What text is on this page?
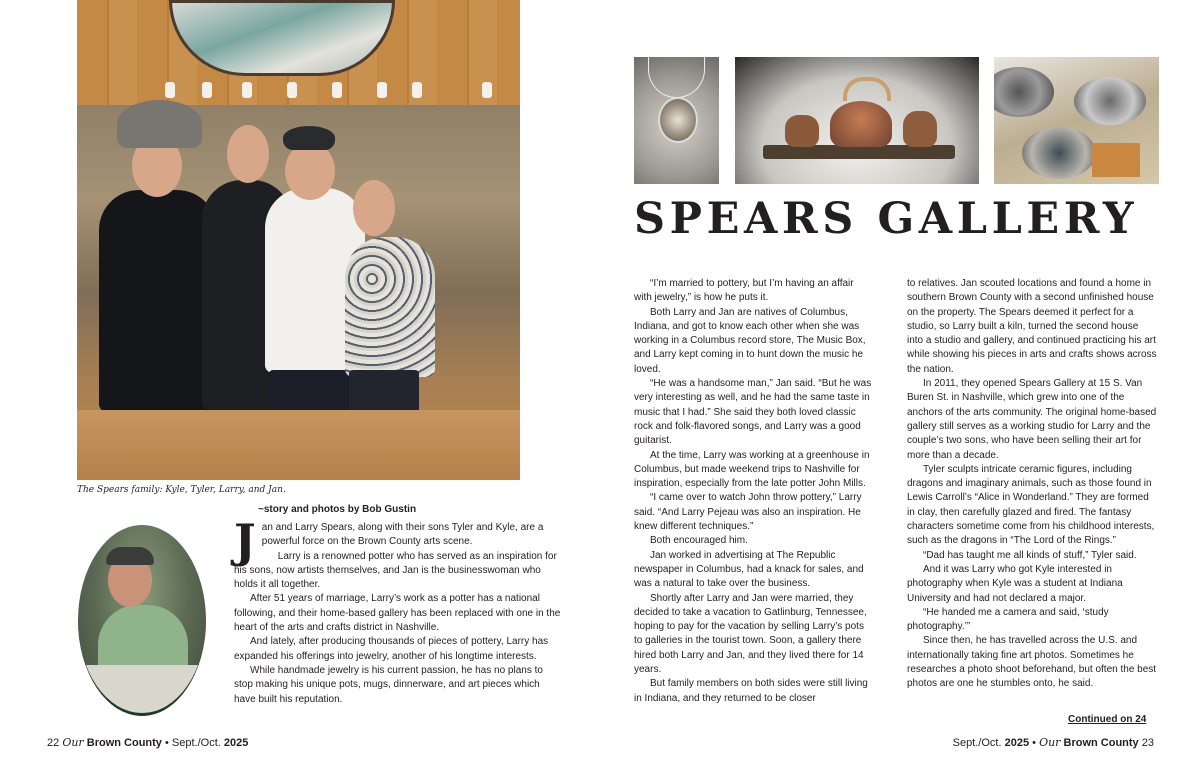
The Spears family: Kyle, Tyler, Larry, and Jan.
SPEARS GALLERY
~story and photos by Bob Gustin

Jan and Larry Spears, along with their sons Tyler and Kyle, are a powerful force on the Brown County arts scene.

Larry is a renowned potter who has served as an inspiration for his sons, now artists themselves, and Jan is the businesswoman who holds it all together.

After 51 years of marriage, Larry’s work as a potter has a national following, and their home-based gallery has been replaced with one in the heart of the arts and crafts district in Nashville.

And lately, after producing thousands of pieces of pottery, Larry has expanded his offerings into jewelry, another of his longtime interests.

While handmade jewelry is his current passion, he has no plans to stop making his unique pots, mugs, dinnerware, and art pieces which have built his reputation.

“I’m married to pottery, but I’m having an affair with jewelry,” is how he puts it.

Both Larry and Jan are natives of Columbus, Indiana, and got to know each other when she was working in a Columbus record store, The Music Box, and Larry kept coming in to hunt down the music he loved.

“He was a handsome man,” Jan said. “But he was very interesting as well, and he had the same taste in music that I had.” She said they both loved classic rock and folk-flavored songs, and Larry was a good guitarist.

At the time, Larry was working at a greenhouse in Columbus, but made weekend trips to Nashville for inspiration, especially from the late potter John Mills.

“I came over to watch John throw pottery,” Larry said. “And Larry Pejeau was also an inspiration. He knew different techniques.”

Both encouraged him.

Jan worked in advertising at The Republic newspaper in Columbus, had a knack for sales, and was a natural to take over the business.

Shortly after Larry and Jan were married, they decided to take a vacation to Gatlinburg, Tennessee, hoping to pay for the vacation by selling Larry’s pots to galleries in the tourist town. Soon, a gallery there hired both Larry and Jan, and they lived there for 14 years.

But family members on both sides were still living in Indiana, and they returned to be closer

to relatives. Jan scouted locations and found a home in southern Brown County with a second unfinished house on the property. The Spears deemed it perfect for a studio, so Larry built a kiln, turned the second house into a studio and gallery, and continued practicing his art while showing his pieces in arts and crafts shows across the nation.

In 2011, they opened Spears Gallery at 15 S. Van Buren St. in Nashville, which grew into one of the anchors of the arts community. The original home-based gallery still serves as a working studio for Larry and the couple’s two sons, who have been selling their art for more than a decade.

Tyler sculpts intricate ceramic figures, including dragons and imaginary animals, such as those found in Lewis Carroll’s “Alice in Wonderland.” They are formed in clay, then carefully glazed and fired. The fantasy characters sometime come from his childhood interests, such as the dragons in “The Lord of the Rings.”

“Dad has taught me all kinds of stuff,” Tyler said.

And it was Larry who got Kyle interested in photography when Kyle was a student at Indiana University and had not declared a major.

“He handed me a camera and said, ‘study photography.’”

Since then, he has travelled across the U.S. and internationally taking fine art photos. Sometimes he researches a photo shoot beforehand, but often the best photos are one he stumbles onto, he said.

Continued on 24
22 Our Brown County • Sept./Oct. 2025	Sept./Oct. 2025 • Our Brown County 23
